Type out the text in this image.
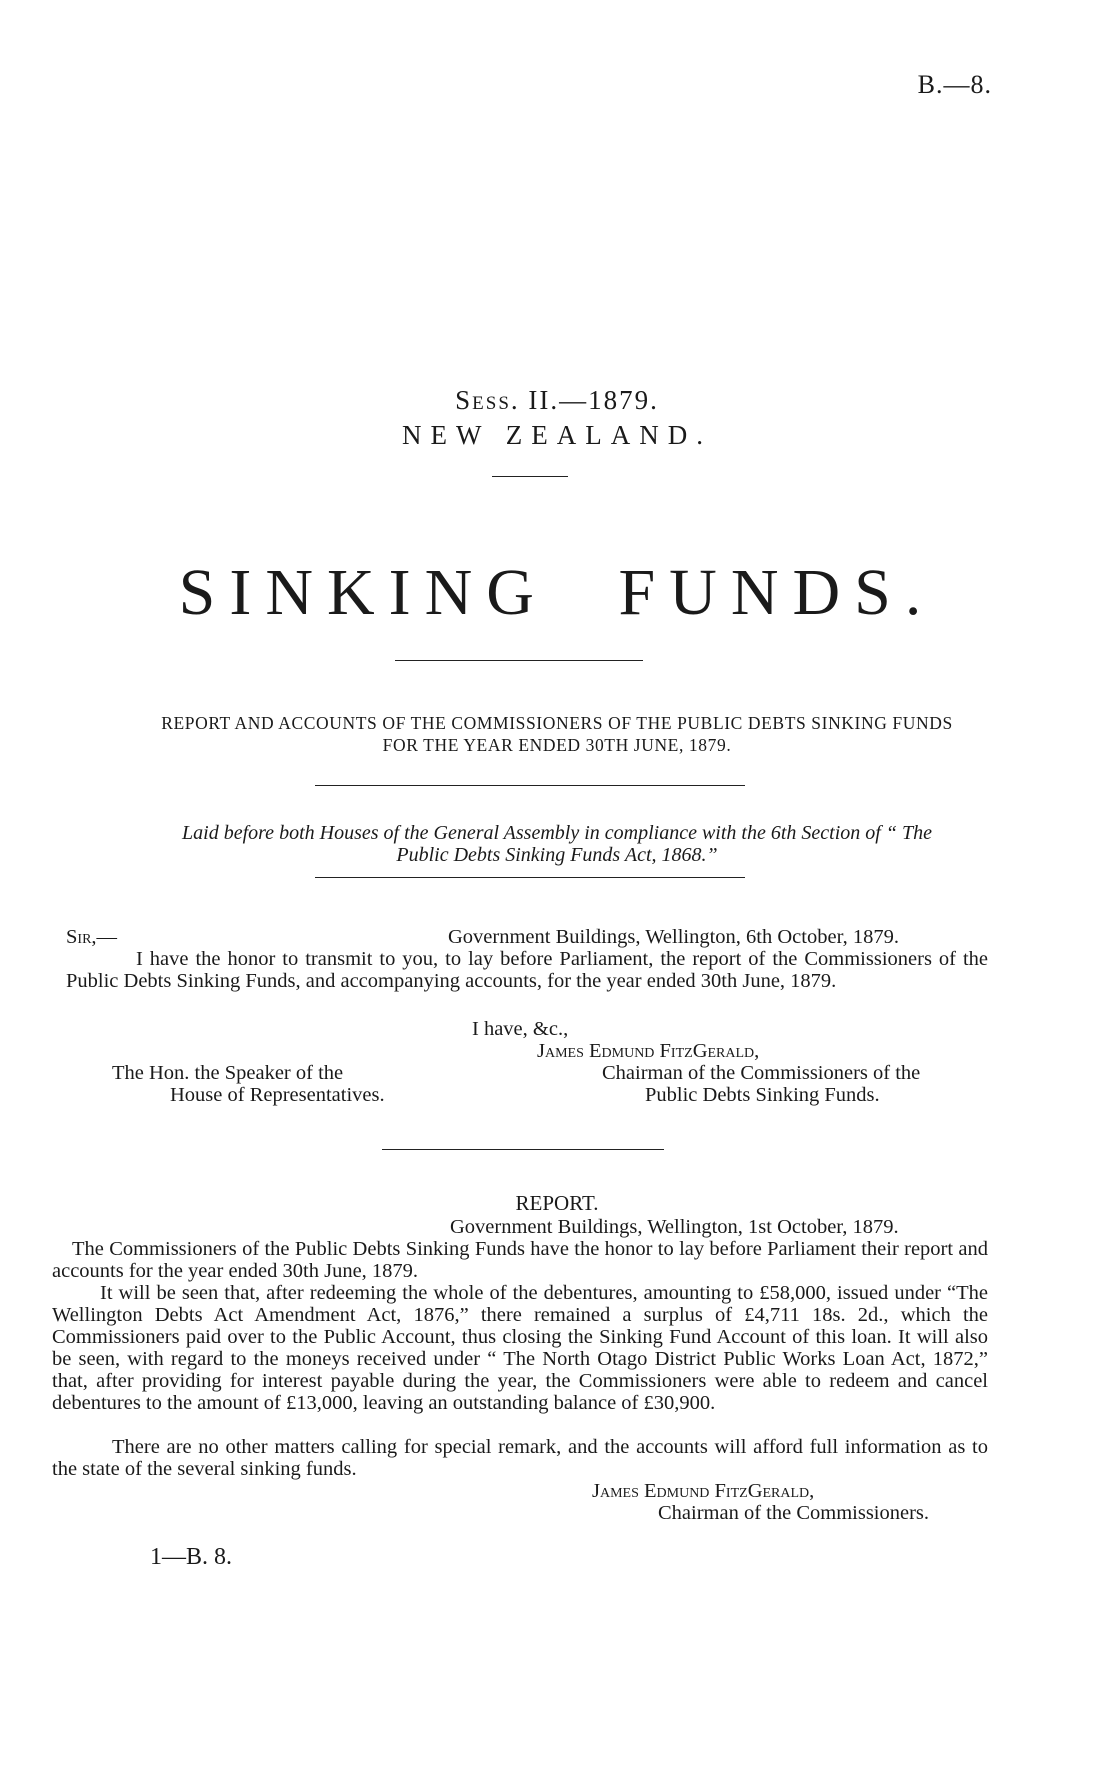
B.—8.
Sess. II.—1879.
NEW ZEALAND.
SINKING FUNDS.
REPORT AND ACCOUNTS OF THE COMMISSIONERS OF THE PUBLIC DEBTS SINKING FUNDS
FOR THE YEAR ENDED 30TH JUNE, 1879.
Laid before both Houses of the General Assembly in compliance with the 6th Section of “ The
Public Debts Sinking Funds Act, 1868.”
Sir,—	Government Buildings, Wellington, 6th October, 1879.
I have the honor to transmit to you, to lay before Parliament, the report of the Commissioners of the Public Debts Sinking Funds, and accompanying accounts, for the year ended 30th June, 1879.
I have, &c.,
James Edmund FitzGerald,
The Hon. the Speaker of the	Chairman of the Commissioners of the
House of Representatives.	Public Debts Sinking Funds.
REPORT.
Government Buildings, Wellington, 1st October, 1879.
The Commissioners of the Public Debts Sinking Funds have the honor to lay before Parliament their report and accounts for the year ended 30th June, 1879.
It will be seen that, after redeeming the whole of the debentures, amounting to £58,000, issued under “The Wellington Debts Act Amendment Act, 1876,” there remained a surplus of £4,711 18s. 2d., which the Commissioners paid over to the Public Account, thus closing the Sinking Fund Account of this loan. It will also be seen, with regard to the moneys received under “ The North Otago District Public Works Loan Act, 1872,” that, after providing for interest payable during the year, the Commissioners were able to redeem and cancel debentures to the amount of £13,000, leaving an outstanding balance of £30,900.
There are no other matters calling for special remark, and the accounts will afford full information as to the state of the several sinking funds.
James Edmund FitzGerald,
Chairman of the Commissioners.
1—B. 8.
